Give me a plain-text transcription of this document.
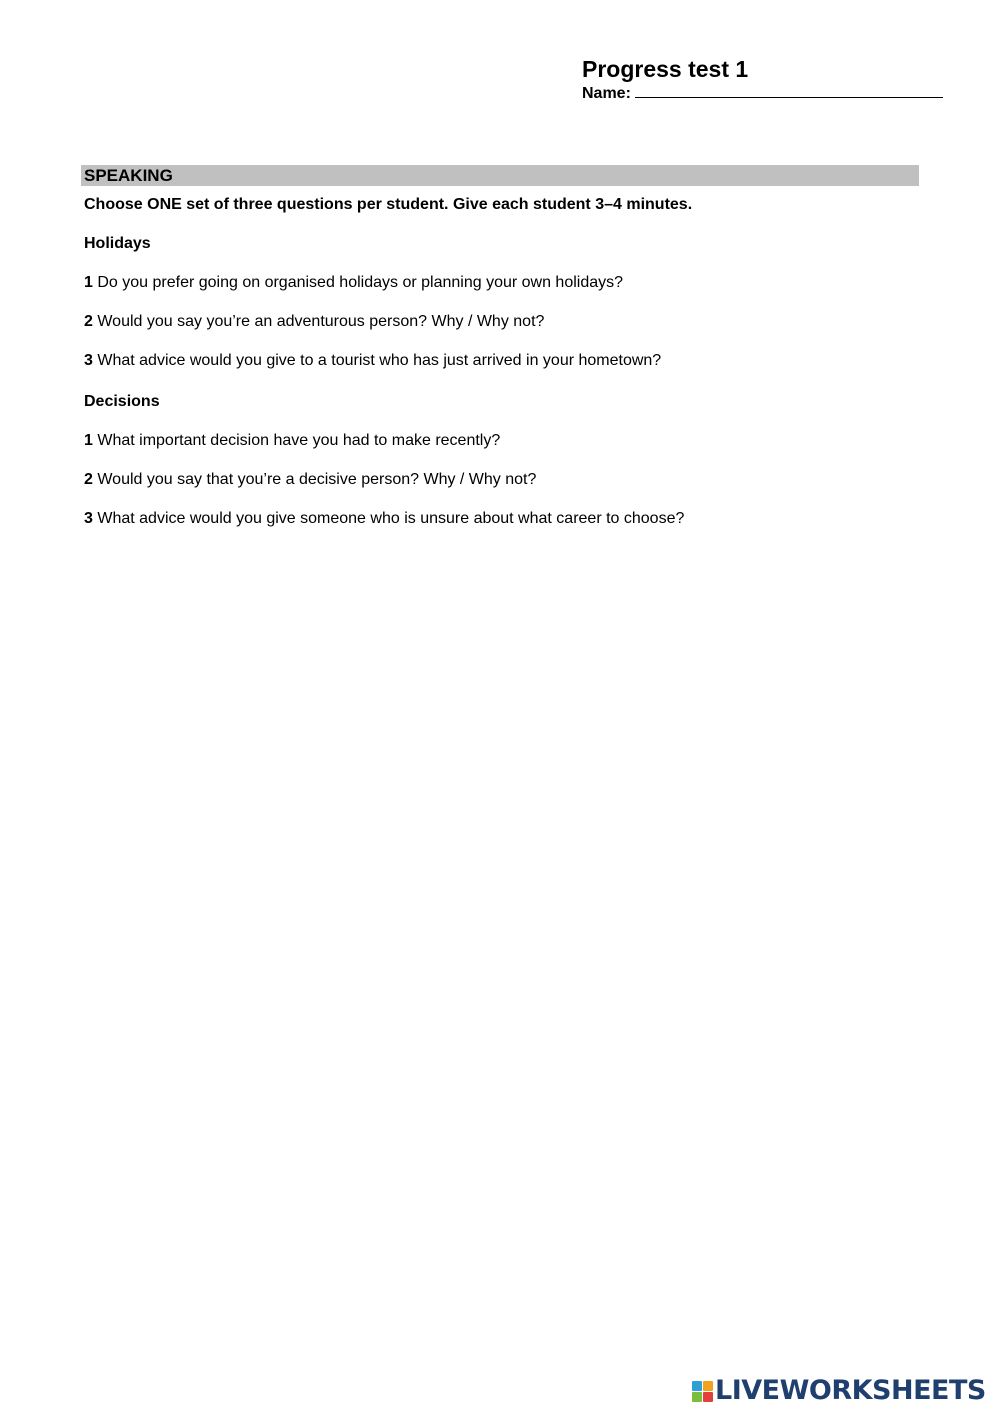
Progress test 1

Name:

SPEAKING

Choose ONE set of three questions per student. Give each student 3–4 minutes.

Holidays

1 Do you prefer going on organised holidays or planning your own holidays?

2 Would you say you’re an adventurous person? Why / Why not?

3 What advice would you give to a tourist who has just arrived in your hometown?

Decisions

1 What important decision have you had to make recently?

2 Would you say that you’re a decisive person? Why / Why not?

3 What advice would you give someone who is unsure about what career to choose?

LIVEWORKSHEETS
